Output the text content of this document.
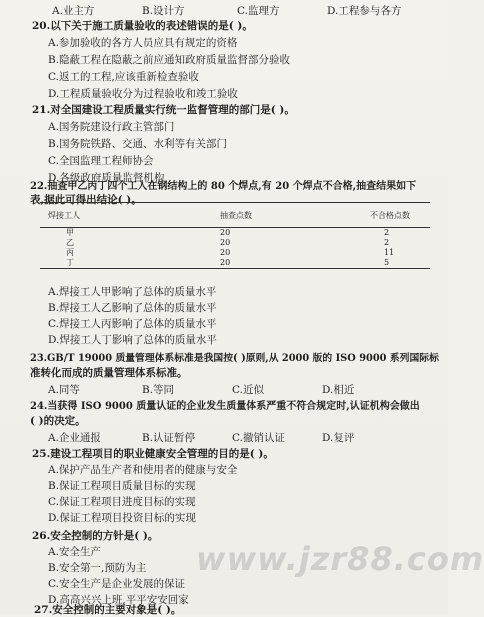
A.业主方	B.设计方	C.监理方	D.工程参与各方
20.以下关于施工质量验收的表述错误的是( )。
A.参加验收的各方人员应具有规定的资格
B.隐蔽工程在隐蔽之前应通知政府质量监督部分验收
C.返工的工程,应该重新检查验收
D.工程质量验收分为过程验收和竣工验收
21.对全国建设工程质量实行统一监督管理的部门是( )。
A.国务院建设行政主管部门
B.国务院铁路、交通、水利等有关部门
C.全国监理工程师协会
D.各级政府质量监督机构
22.抽查甲乙丙丁四个工人在钢结构上的 80 个焊点,有 20 个焊点不合格,抽查结果如下
表,据此可得出结论( )。
焊接工人	抽查点数	不合格点数
甲	20	2
乙	20	2
丙	20	11
丁	20	5
A.焊接工人甲影响了总体的质量水平
B.焊接工人乙影响了总体的质量水平
C.焊接工人丙影响了总体的质量水平
D.焊接工人丁影响了总体的质量水平
23.GB/T 19000 质量管理体系标准是我国按( )原则,从 2000 版的 ISO 9000 系列国际标
准转化而成的质量管理体系标准。
A.同等	B.等同	C.近似	D.相近
24.当获得 ISO 9000 质量认证的企业发生质量体系严重不符合规定时,认证机构会做出
( )的决定。
A.企业通报	B.认证暂停	C.撤销认证	D.复评
25.建设工程项目的职业健康安全管理的目的是( )。
A.保护产品生产者和使用者的健康与安全
B.保证工程项目质量目标的实现
C.保证工程项目进度目标的实现
D.保证工程项目投资目标的实现
26.安全控制的方针是( )。
A.安全生产
B.安全第一,预防为主
C.安全生产是企业发展的保证
D.高高兴兴上班,平平安安回家
27.安全控制的主要对象是( )。
www.jzr88.com
